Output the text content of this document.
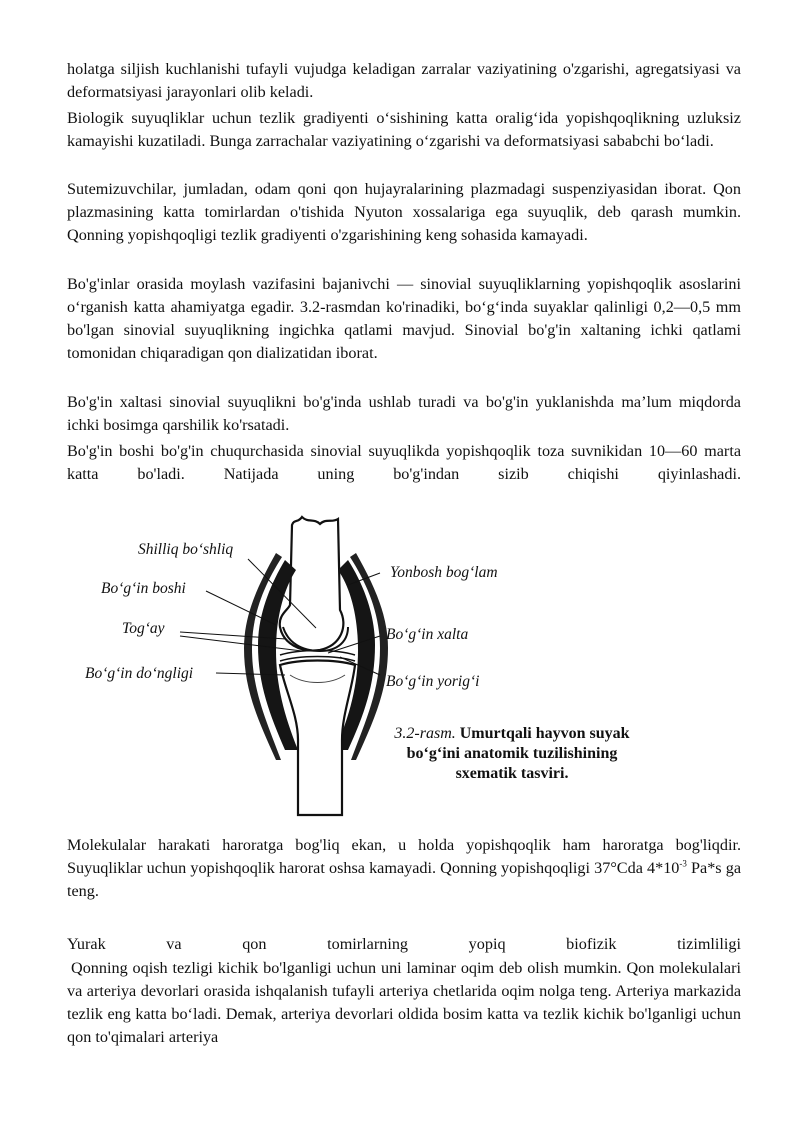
holatga siljish kuchlanishi tufayli vujudga keladigan zarralar vaziyatining o'zgarishi, agregatsiyasi va deformatsiyasi jarayonlari olib keladi.

Biologik suyuqliklar uchun tezlik gradiyenti o‘sishining katta oralig‘ida yopishqoqlikning uzluksiz kamayishi kuzatiladi. Bunga zarrachalar vaziyatining o‘zgarishi va deformatsiyasi sababchi bo‘ladi.

Sutemizuvchilar, jumladan, odam qoni qon hujayralarining plazmadagi suspenziyasidan iborat. Qon plazmasining katta tomirlardan o'tishida Nyuton xossalariga ega suyuqlik, deb qarash mumkin. Qonning yopishqoqligi tezlik gradiyenti o'zgarishining keng sohasida kamayadi.

Bo'g'inlar orasida moylash vazifasini bajanivchi — sinovial suyuqliklarning yopishqoqlik asoslarini o‘rganish katta ahamiyatga egadir. 3.2-rasmdan ko'rinadiki, bo‘g‘inda suyaklar qalinligi 0,2—0,5 mm bo'lgan sinovial suyuqlikning ingichka qatlami mavjud. Sinovial bo'g'in xaltaning ichki qatlami tomonidan chiqaradigan qon dializatidan iborat.

Bo'g'in xaltasi sinovial suyuqlikni bo'g'inda ushlab turadi va bo'g'in yuklanishda ma’lum miqdorda ichki bosimga qarshilik ko'rsatadi.

Bo'g'in boshi bo'g'in chuqurchasida sinovial suyuqlikda yopishqoqlik toza suvnikidan 10—60 marta katta bo'ladi. Natijada uning bo'g'indan sizib chiqishi qiyinlashadi.

Shilliq bo‘shliq
Bo‘g‘in boshi
Tog‘ay
Bo‘g‘in do‘ngligi
Yonbosh bog‘lam
Bo‘g‘in xalta
Bo‘g‘in yorig‘i
3.2-rasm. Umurtqali hayvon suyak bo‘g‘ini anatomik tuzilishining sxematik tasviri.

Molekulalar harakati haroratga bog'liq ekan, u holda yopishqoqlik ham haroratga bog'liqdir. Suyuqliklar uchun yopishqoqlik harorat oshsa kamayadi. Qonning yopishqoqligi 37°Cda $4*10^{-3}$ Pa*s ga teng.

Yurak va qon tomirlarning yopiq biofizik tizimliligi

Qonning oqish tezligi kichik bo'lganligi uchun uni laminar oqim deb olish mumkin. Qon molekulalari va arteriya devorlari orasida ishqalanish tufayli arteriya chetlarida oqim nolga teng. Arteriya markazida tezlik eng katta bo‘ladi. Demak, arteriya devorlari oldida bosim katta va tezlik kichik bo'lganligi uchun qon to'qimalari arteriya
